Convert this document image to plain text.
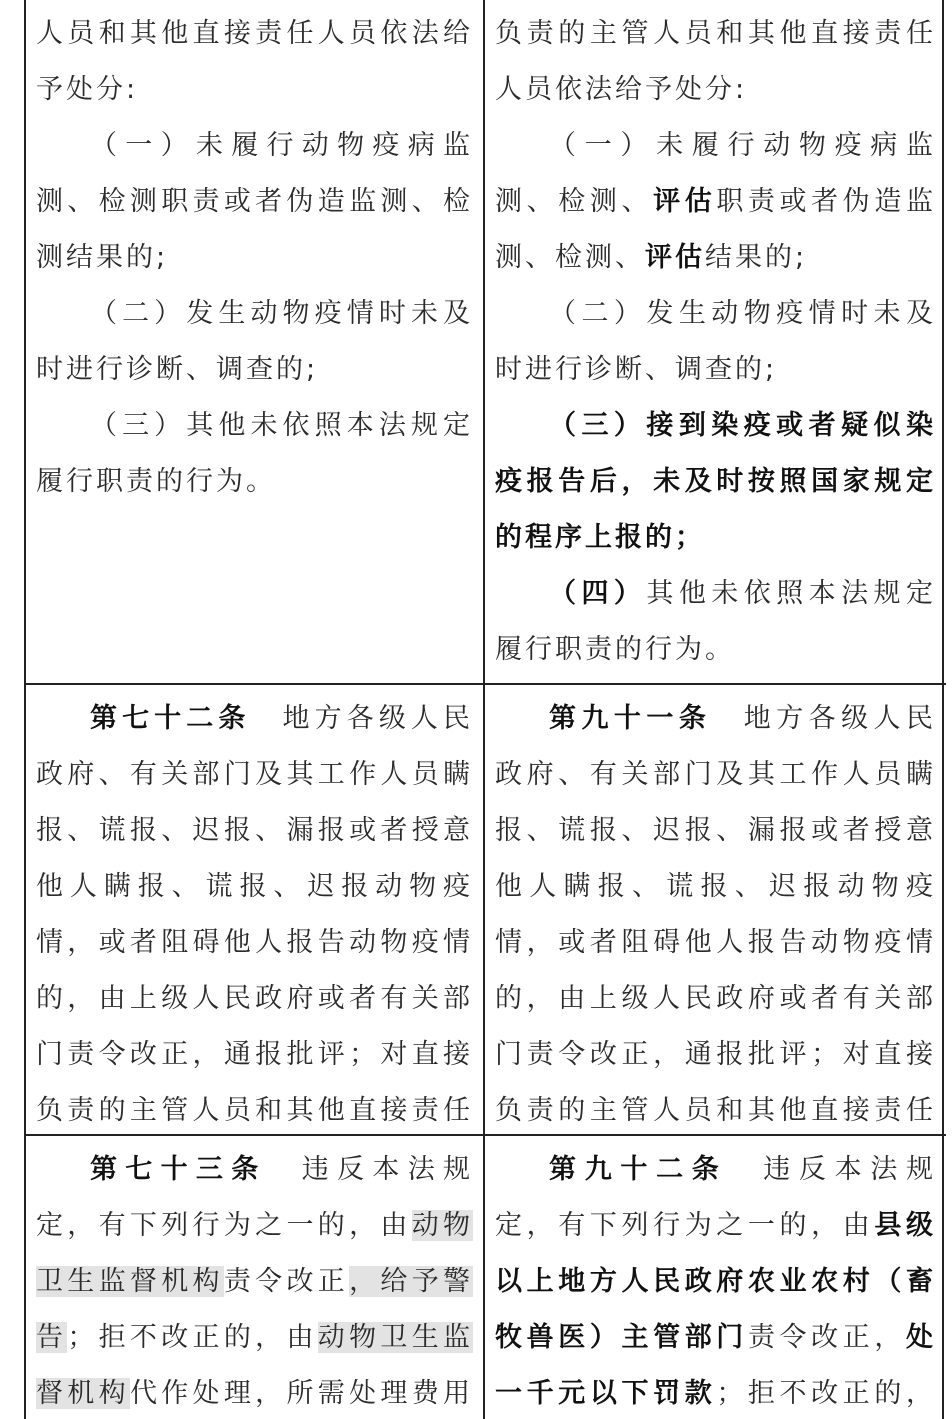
人员和其他直接责任人员依法给予处分:

（一）未履行动物疫病监测、检测职责或者伪造监测、检测结果的;

（二）发生动物疫情时未及时进行诊断、调查的;

（三）其他未依照本法规定履行职责的行为。

负责的主管人员和其他直接责任人员依法给予处分:

（一）未履行动物疫病监测、检测、评估职责或者伪造监测、检测、评估结果的;

（二）发生动物疫情时未及时进行诊断、调查的;

（三）接到染疫或者疑似染疫报告后，未及时按照国家规定的程序上报的；

（四）其他未依照本法规定履行职责的行为。

第七十二条 地方各级人民政府、有关部门及其工作人员瞒报、谎报、迟报、漏报或者授意他人瞒报、谎报、迟报动物疫情，或者阻碍他人报告动物疫情的，由上级人民政府或者有关部门责令改正，通报批评；对直接负责的主管人员和其他直接责任

第九十一条 地方各级人民政府、有关部门及其工作人员瞒报、谎报、迟报、漏报或者授意他人瞒报、谎报、迟报动物疫情，或者阻碍他人报告动物疫情的，由上级人民政府或者有关部门责令改正，通报批评；对直接负责的主管人员和其他直接责任

第七十三条 违反本法规定，有下列行为之一的，由动物卫生监督机构责令改正，给予警告；拒不改正的，由动物卫生监督机构代作处理，所需处理费用

第九十二条 违反本法规定，有下列行为之一的，由县级以上地方人民政府农业农村（畜牧兽医）主管部门责令改正，处一千元以下罚款；拒不改正的，
